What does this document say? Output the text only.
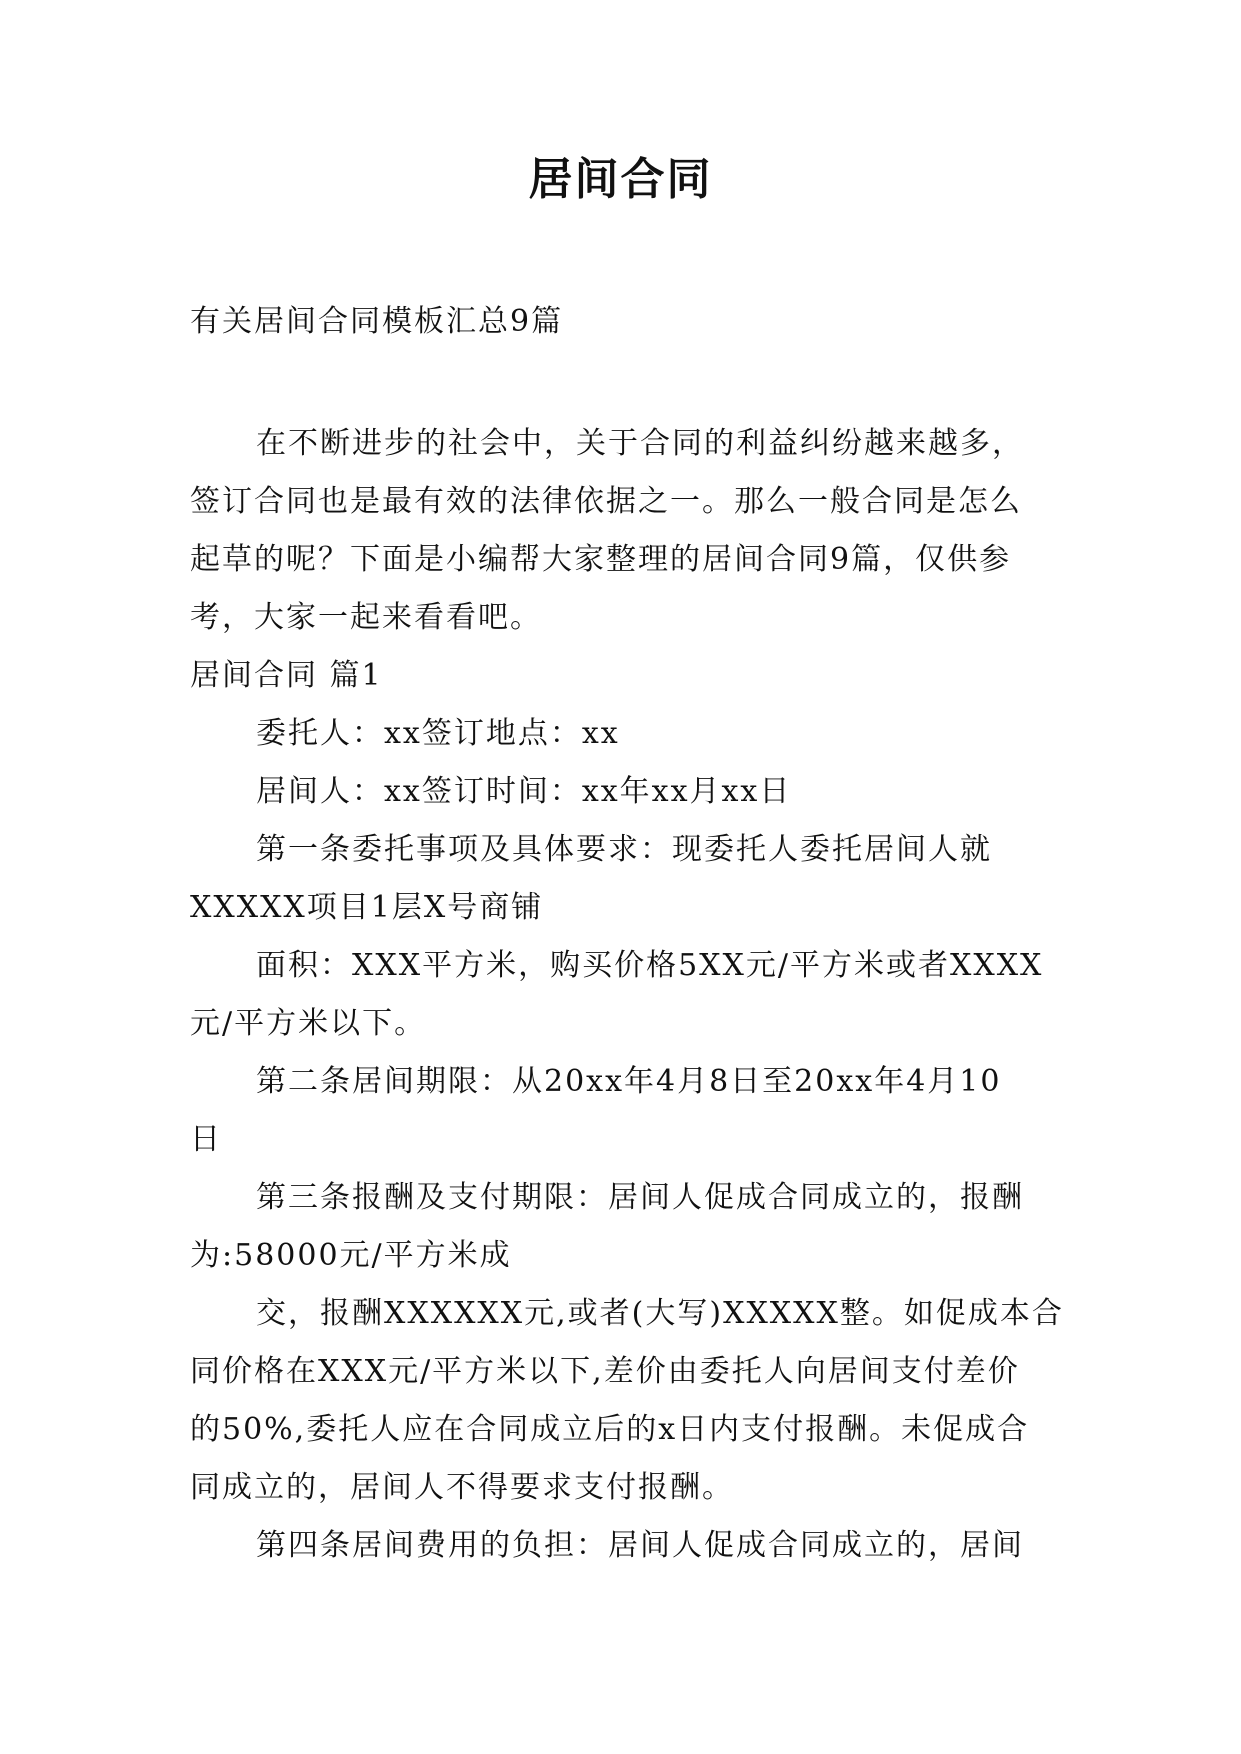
居间合同

有关居间合同模板汇总9篇

在不断进步的社会中，关于合同的利益纠纷越来越多，

签订合同也是最有效的法律依据之一。那么一般合同是怎么

起草的呢？下面是小编帮大家整理的居间合同9篇，仅供参

考，大家一起来看看吧。

居间合同 篇1

委托人：xx签订地点：xx

居间人：xx签订时间：xx年xx月xx日

第一条委托事项及具体要求：现委托人委托居间人就

XXXXX项目1层X号商铺

面积：XXX平方米，购买价格5XX元/平方米或者XXXX

元/平方米以下。

第二条居间期限：从20xx年4月8日至20xx年4月10

日

第三条报酬及支付期限：居间人促成合同成立的，报酬

为:58000元/平方米成

交，报酬XXXXXX元,或者(大写)XXXXX整。如促成本合

同价格在XXX元/平方米以下,差价由委托人向居间支付差价

的50%,委托人应在合同成立后的x日内支付报酬。未促成合

同成立的，居间人不得要求支付报酬。

第四条居间费用的负担：居间人促成合同成立的，居间
